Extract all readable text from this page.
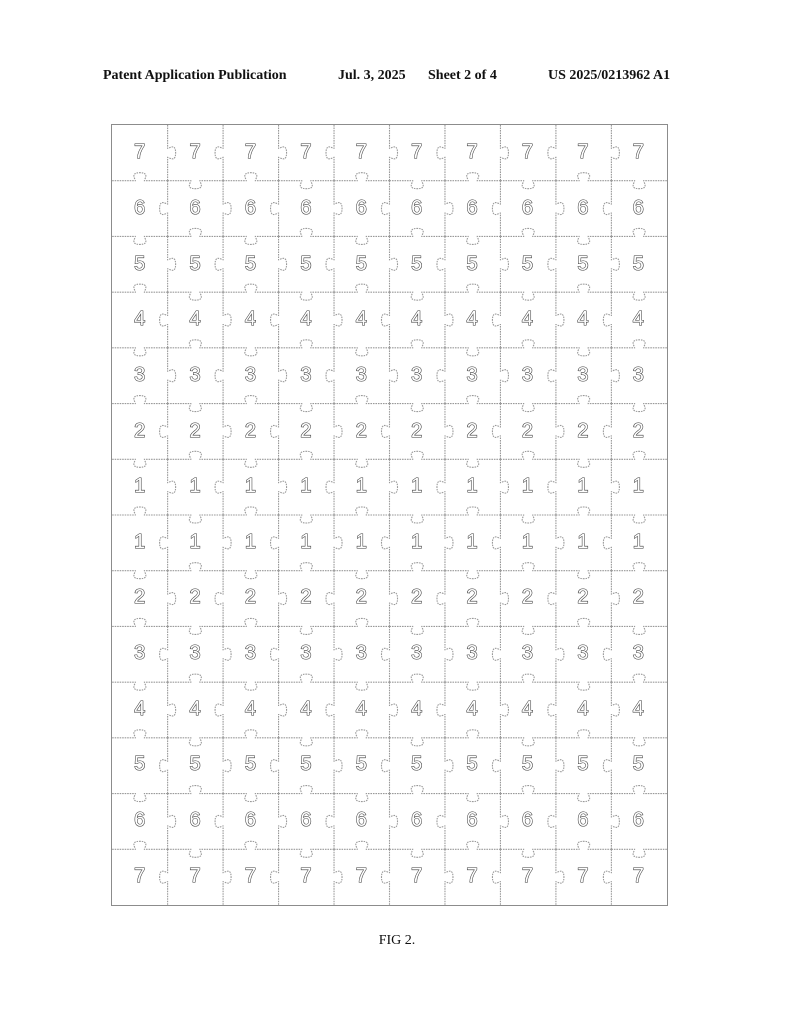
Patent Application Publication	Jul. 3, 2025 Sheet 2 of 4	US 2025/0213962 A1
7	7	7	7	7	7	7	7	7	7
6	6	6	6	6	6	6	6	6	6
5	5	5	5	5	5	5	5	5	5
4	4	4	4	4	4	4	4	4	4
3	3	3	3	3	3	3	3	3	3
2	2	2	2	2	2	2	2	2	2
1	1	1	1	1	1	1	1	1	1
1	1	1	1	1	1	1	1	1	1
2	2	2	2	2	2	2	2	2	2
3	3	3	3	3	3	3	3	3	3
4	4	4	4	4	4	4	4	4	4
5	5	5	5	5	5	5	5	5	5
6	6	6	6	6	6	6	6	6	6
7	7	7	7	7	7	7	7	7	7
FIG 2.
